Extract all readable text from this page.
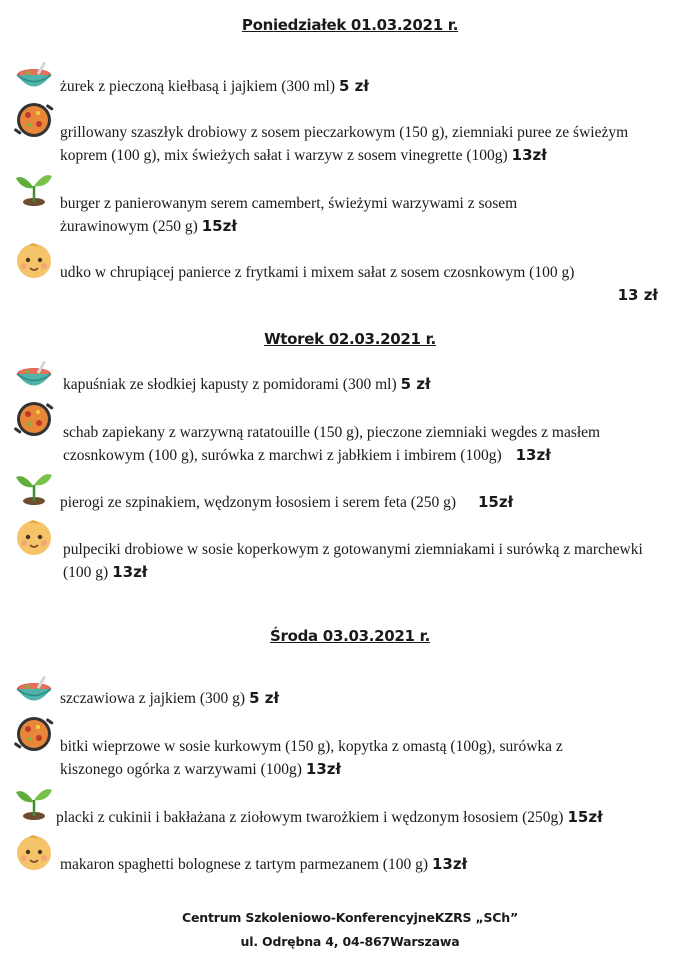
Poniedziałek 01.03.2021 r.
Wtorek 02.03.2021 r.
Środa 03.03.2021 r.
żurek z pieczoną kiełbasą i jajkiem (300 ml) 5 zł
grillowany szaszłyk drobiowy z sosem pieczarkowym (150 g), ziemniaki puree ze świeżym koprem (100 g), mix świeżych sałat i warzyw z sosem vinegrette (100g) 13zł
burger z panierowanym serem camembert, świeżymi warzywami z sosem żurawinowym (250 g) 15zł
udko w chrupiącej panierce z frytkami i mixem sałat z sosem czosnkowym (100 g)
13 zł
kapuśniak ze słodkiej kapusty z pomidorami (300 ml) 5 zł
schab zapiekany z warzywną ratatouille (150 g), pieczone ziemniaki wegdes z masłem czosnkowym (100 g), surówka z marchwi z jabłkiem i imbirem (100g) 13zł
pierogi ze szpinakiem, wędzonym łososiem i serem feta (250 g) 15zł
pulpeciki drobiowe w sosie koperkowym z gotowanymi ziemniakami i surówką z marchewki (100 g) 13zł
szczawiowa z jajkiem (300 g) 5 zł
bitki wieprzowe w sosie kurkowym (150 g), kopytka z omastą (100g), surówka z kiszonego ogórka z warzywami (100g) 13zł
placki z cukinii i bakłażana z ziołowym twarożkiem i wędzonym łososiem (250g) 15zł
makaron spaghetti bolognese z tartym parmezanem (100 g) 13zł
Centrum Szkoleniowo-KonferencyjneKZRS „SCh”
ul. Odrębna 4, 04-867Warszawa
